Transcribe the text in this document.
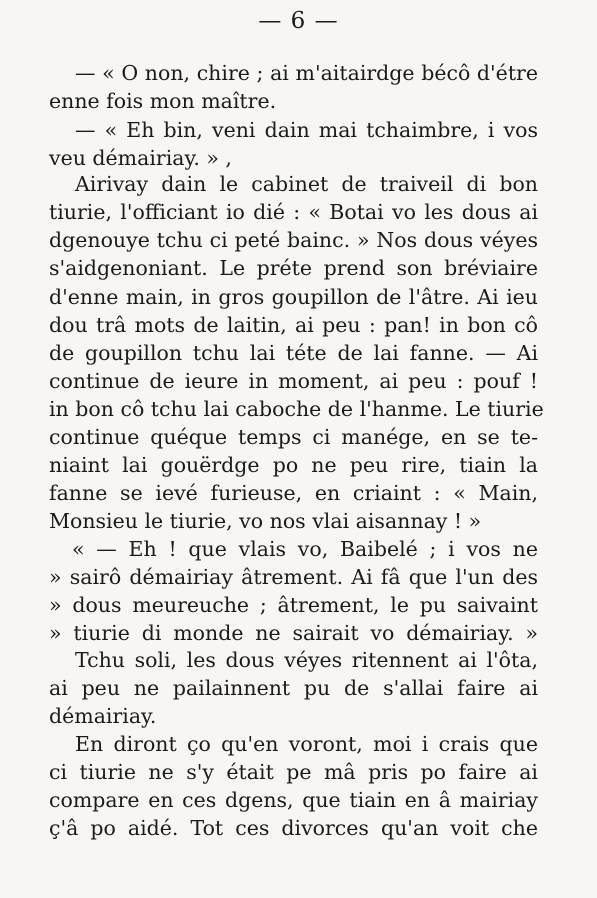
— 6 —
— « O non, chire ; ai m'aitairdge bécô d'étre
enne fois mon maître.
— « Eh bin, veni dain mai tchaimbre, i vos
veu démairiay. » ,
Airivay dain le cabinet de traiveil di bon
tiurie, l'officiant io dié : « Botai vo les dous ai
dgenouye tchu ci peté bainc. » Nos dous véyes
s'aidgenoniant. Le préte prend son bréviaire
d'enne main, in gros goupillon de l'âtre. Ai ieu
dou trâ mots de laitin, ai peu : pan! in bon cô
de goupillon tchu lai téte de lai fanne. — Ai
continue de ieure in moment, ai peu : pouf !
in bon cô tchu lai caboche de l'hanme. Le tiurie
continue quéque temps ci manége, en se te-
niaint lai gouërdge po ne peu rire, tiain la
fanne se ievé furieuse, en criaint : « Main,
Monsieu le tiurie, vo nos vlai aisannay ! »
« — Eh ! que vlais vo, Baibelé ; i vos ne
» sairô démairiay âtrement. Ai fâ que l'un des
» dous meureuche ; âtrement, le pu saivaint
» tiurie di monde ne sairait vo démairiay. »
Tchu soli, les dous véyes ritennent ai l'ôta,
ai peu ne pailainnent pu de s'allai faire ai
démairiay.
En diront ço qu'en voront, moi i crais que
ci tiurie ne s'y était pe mâ pris po faire ai
compare en ces dgens, que tiain en â mairiay
ç'â po aidé. Tot ces divorces qu'an voit che
